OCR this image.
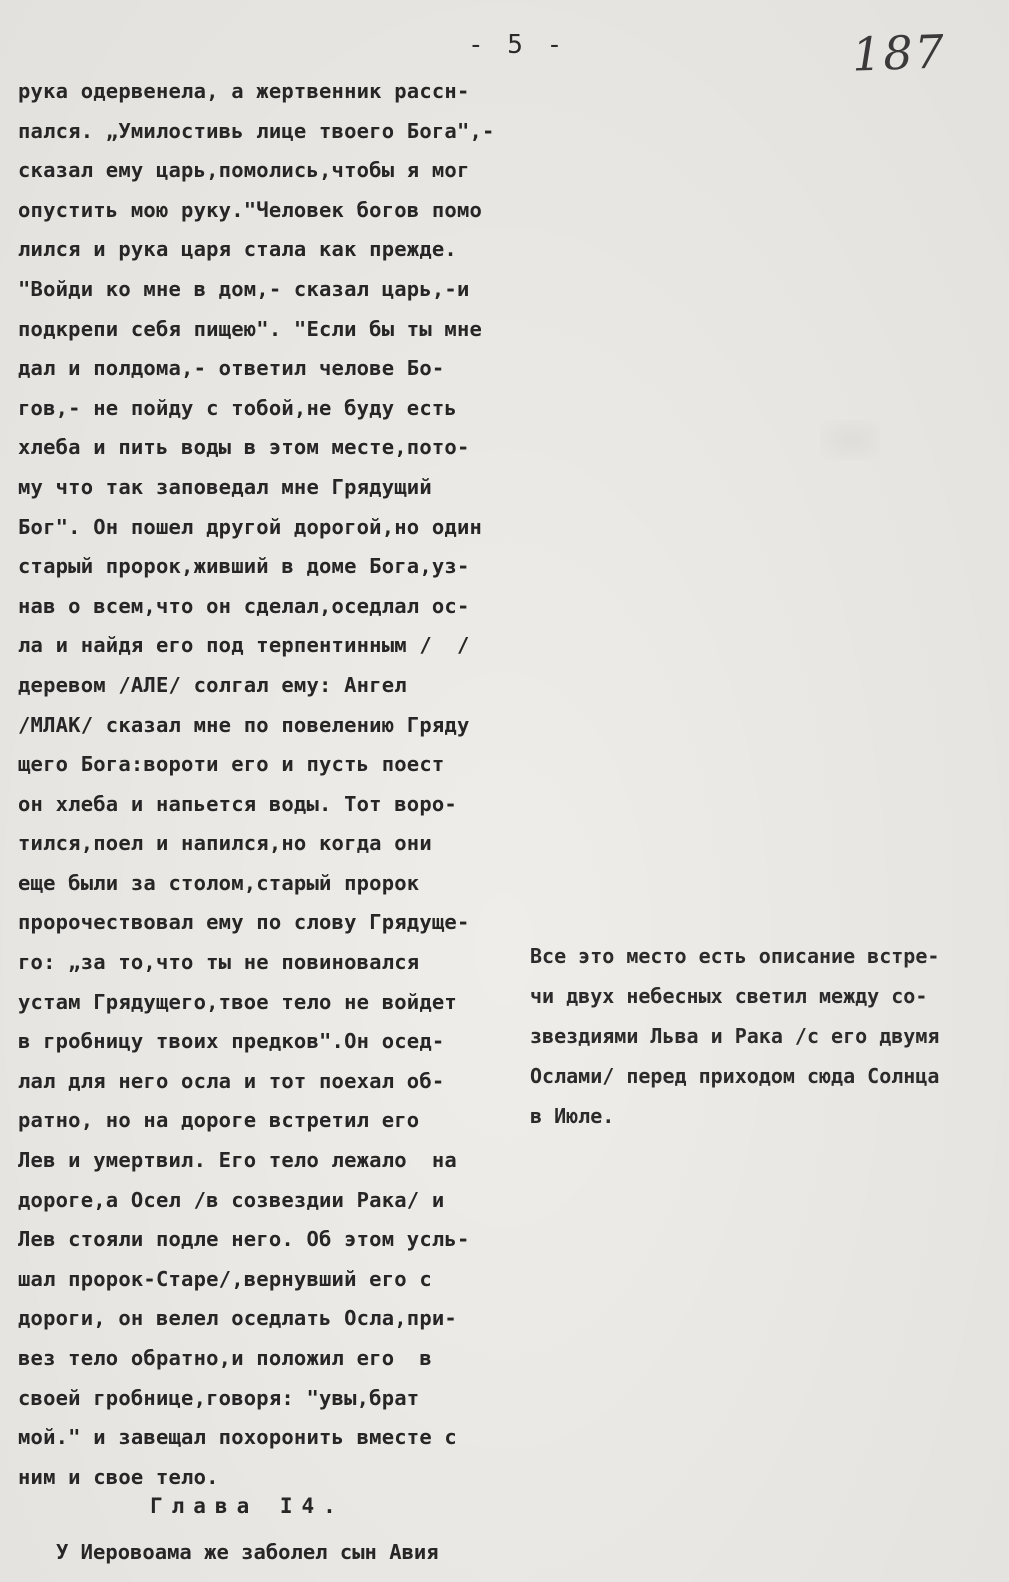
- 5 -	187
рука одервенела, а жертвенник рассн-
пался. „Умилостивь лице твоего Бога",-
сказал ему царь,помолись,чтобы я мог
опустить мою руку."Человек богов помо
лился и рука царя стала как прежде.
"Войди ко мне в дом,- сказал царь,-и
подкрепи себя пищею". "Если бы ты мне
дал и полдома,- ответил челове Бо-
гов,- не пойду с тобой,не буду есть
хлеба и пить воды в этом месте,пото-
му что так заповедал мне Грядущий
Бог". Он пошел другой дорогой,но один
старый пророк,живший в доме Бога,уз-
нав о всем,что он сделал,оседлал ос-
ла и найдя его под терпентинным /  /
деревом /АЛЕ/ солгал ему: Ангел
/МЛАК/ сказал мне по повелению Гряду
щего Бога:вороти его и пусть поест
он хлеба и напьется воды. Тот воро-
тился,поел и напился,но когда они
еще были за столом,старый пророк
пророчествовал ему по слову Грядуще-
го: „за то,что ты не повиновался
устам Грядущего,твое тело не войдет
в гробницу твоих предков".Он осед-
лал для него осла и тот поехал об-
ратно, но на дороге встретил его
Лев и умертвил. Его тело лежало  на
дороге,а Осел /в созвездии Рака/ и
Лев стояли подле него. Об этом усль-
шал пророк-Старе/,вернувший его с
дороги, он велел оседлать Осла,при-
вез тело обратно,и положил его  в
своей гробнице,говоря: "увы,брат
мой." и завещал похоронить вместе с
ним и свое тело.
Все это место есть описание встре-
чи двух небесных светил между со-
звездиями Льва и Рака /с его двумя
Ослами/ перед приходом сюда Солнца
в Июле.
Глава І4.
У Иеровоама же заболел сын Авия
